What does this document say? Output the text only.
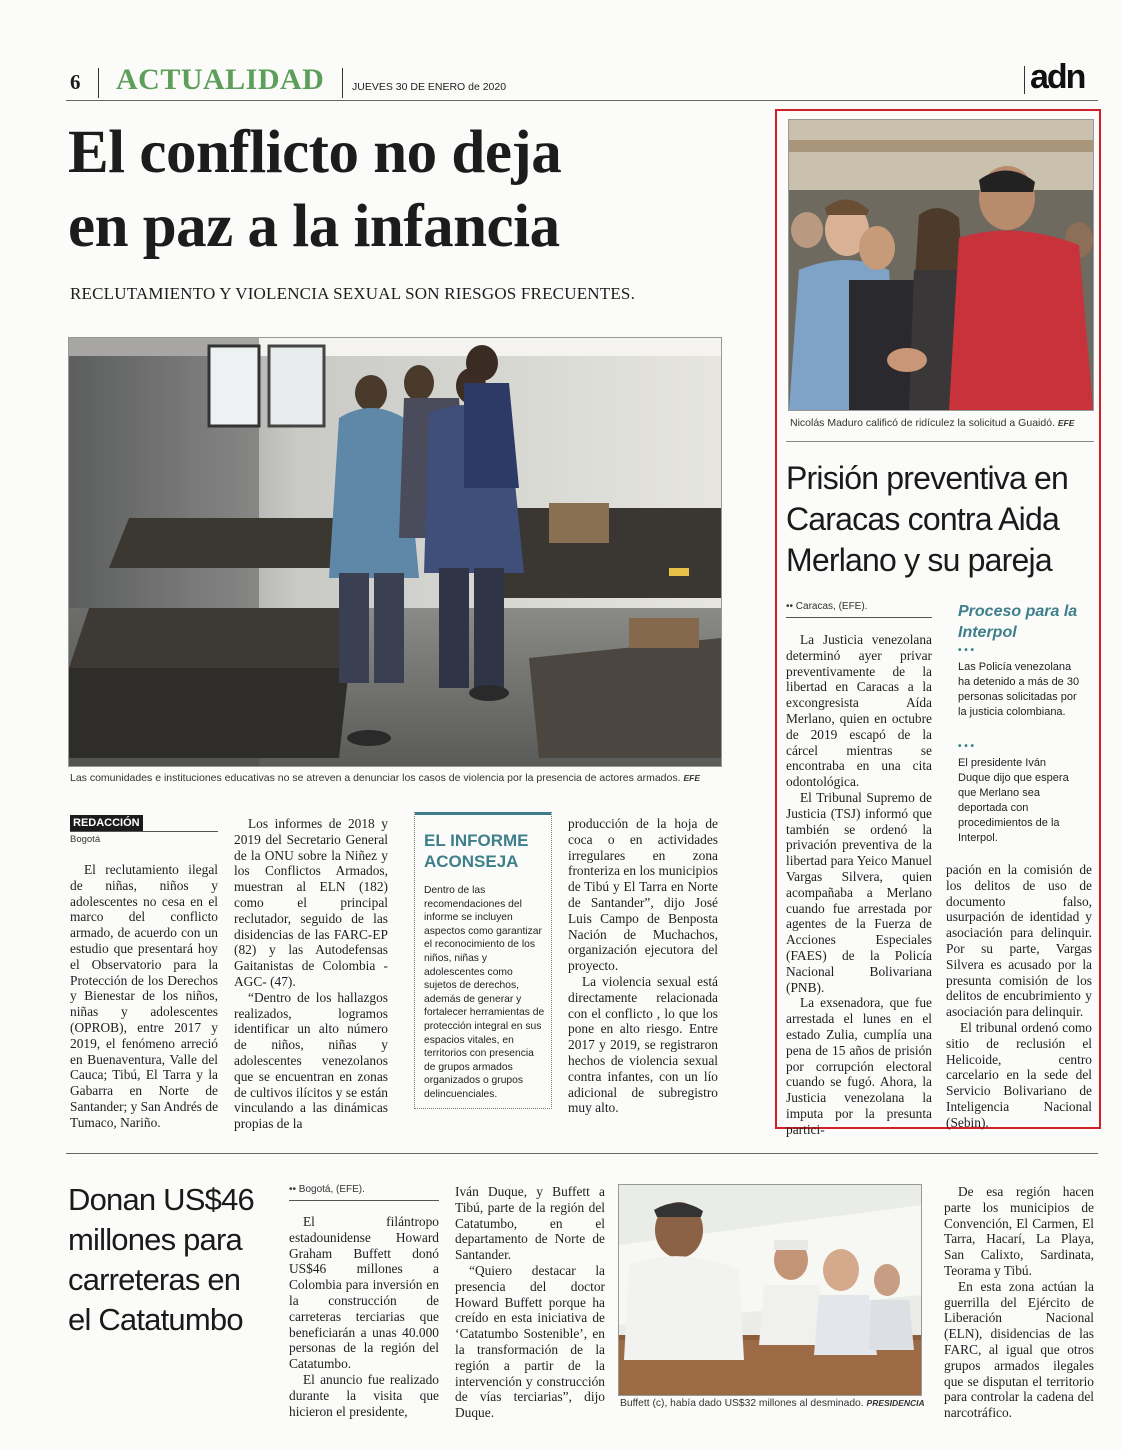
6 ACTUALIDAD	JUEVES 30 DE ENERO de 2020	adn
El conflicto no deja
en paz a la infancia
RECLUTAMIENTO Y VIOLENCIA SEXUAL SON RIESGOS FRECUENTES.
Las comunidades e instituciones educativas no se atreven a denunciar los casos de violencia por la presencia de actores armados. EFE
REDACCIÓN
Bogotá

El reclutamiento ilegal de niñas, niños y adolescentes no cesa en el marco del conflicto armado, de acuerdo con un estudio que presentará hoy el Observatorio para la Protección de los Derechos y Bienestar de los niños, niñas y adolescentes (OPROB), entre 2017 y 2019, el fenómeno arreció en Buenaventura, Valle del Cauca; Tibú, El Tarra y la Gabarra en Norte de Santander; y San Andrés de Tumaco, Nariño.

Los informes de 2018 y 2019 del Secretario General de la ONU sobre la Niñez y los Conflictos Armados, muestran al ELN (182) como el principal reclutador, seguido de las disidencias de las FARC-EP (82) y las Autodefensas Gaitanistas de Colombia -AGC- (47).

“Dentro de los hallazgos realizados, logramos identificar un alto número de niños, niñas y adolescentes venezolanos que se encuentran en zonas de cultivos ilícitos y se están vinculando a las dinámicas propias de la

EL INFORME ACONSEJA
Dentro de las recomendaciones del informe se incluyen aspectos como garantizar el reconocimiento de los niños, niñas y adolescentes como sujetos de derechos, además de generar y fortalecer herramientas de protección integral en sus espacios vitales, en territorios con presencia de grupos armados organizados o grupos delincuenciales.

producción de la hoja de coca o en actividades irregulares en zona fronteriza en los municipios de Tibú y El Tarra en Norte de Santander”, dijo José Luis Campo de Benposta Nación de Muchachos, organización ejecutora del proyecto.

La violencia sexual está directamente relacionada con el conflicto , lo que los pone en alto riesgo. Entre 2017 y 2019, se registraron hechos de violencia sexual contra infantes, con un lío adicional de subregistro muy alto.

Nicolás Maduro calificó de ridículez la solicitud a Guaidó. EFE
Prisión preventiva en Caracas contra Aida Merlano y su pareja
•• Caracas, (EFE).

La Justicia venezolana determinó ayer privar preventivamente de la libertad en Caracas a la excongresista Aída Merlano, quien en octubre de 2019 escapó de la cárcel mientras se encontraba en una cita odontológica.

El Tribunal Supremo de Justicia (TSJ) informó que también se ordenó la privación preventiva de la libertad para Yeico Manuel Vargas Silvera, quien acompañaba a Merlano cuando fue arrestada por agentes de la Fuerza de Acciones Especiales (FAES) de la Policía Nacional Bolivariana (PNB).

La exsenadora, que fue arrestada el lunes en el estado Zulia, cumplía una pena de 15 años de prisión por corrupción electoral cuando se fugó. Ahora, la Justicia venezolana la imputa por la presunta partici-

Proceso para la Interpol
• • •
Las Policía venezolana ha detenido a más de 30 personas solicitadas por la justicia colombiana.
• • •
El presidente Iván Duque dijo que espera que Merlano sea deportada con procedimientos de la Interpol.

pación en la comisión de los delitos de uso de documento falso, usurpación de identidad y asociación para delinquir. Por su parte, Vargas Silvera es acusado por la presunta comisión de los delitos de encubrimiento y asociación para delinquir.

El tribunal ordenó como sitio de reclusión el Helicoide, centro carcelario en la sede del Servicio Bolivariano de Inteligencia Nacional (Sebin).

Donan US$46 millones para carreteras en el Catatumbo
•• Bogotá, (EFE).

El filántropo estadounidense Howard Graham Buffett donó US$46 millones a Colombia para inversión en la construcción de carreteras terciarias que beneficiarán a unas 40.000 personas de la región del Catatumbo.

El anuncio fue realizado durante la visita que hicieron el presidente,

Iván Duque, y Buffett a Tibú, parte de la región del Catatumbo, en el departamento de Norte de Santander.

“Quiero destacar la presencia del doctor Howard Buffett porque ha creído en esta iniciativa de ‘Catatumbo Sostenible’, en la transformación de la región a partir de la intervención y construcción de vías terciarias”, dijo Duque.

Buffett (c), había dado US$32 millones al desminado. PRESIDENCIA

De esa región hacen parte los municipios de Convención, El Carmen, El Tarra, Hacarí, La Playa, San Calixto, Sardinata, Teorama y Tibú.

En esta zona actúan la guerrilla del Ejército de Liberación Nacional (ELN), disidencias de las FARC, al igual que otros grupos armados ilegales que se disputan el territorio para controlar la cadena del narcotráfico.
